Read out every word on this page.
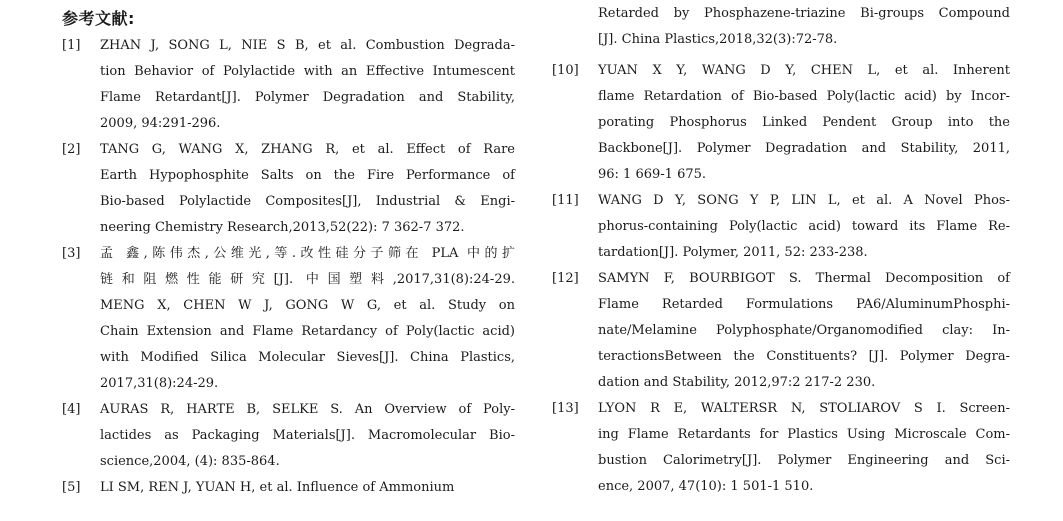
参考文献:
[1]	ZHAN J, SONG L, NIE S B, et al. Combustion Degrada-
tion Behavior of Polylactide with an Effective Intumescent
Flame Retardant[J]. Polymer Degradation and Stability,
2009, 94:291-296.
[2]	TANG G, WANG X, ZHANG R, et al. Effect of Rare
Earth Hypophosphite Salts on the Fire Performance of
Bio-based Polylactide Composites[J], Industrial & Engi-
neering Chemistry Research,2013,52(22): 7 362-7 372.
[3]	孟 鑫,陈伟杰,公维光,等.改性硅分子筛在 PLA 中的扩
链和阻燃性能研究[J]. 中国塑料,2017,31(8):24-29.
MENG X, CHEN W J, GONG W G, et al. Study on
Chain Extension and Flame Retardancy of Poly(lactic acid)
with Modified Silica Molecular Sieves[J]. China Plastics,
2017,31(8):24-29.
[4]	AURAS R, HARTE B, SELKE S. An Overview of Poly-
lactides as Packaging Materials[J]. Macromolecular Bio-
science,2004, (4): 835-864.
[5]	LI SM, REN J, YUAN H, et al. Influence of Ammonium
Retarded by Phosphazene-triazine Bi-groups Compound
[J]. China Plastics,2018,32(3):72-78.
[10]	YUAN X Y, WANG D Y, CHEN L, et al. Inherent
flame Retardation of Bio-based Poly(lactic acid) by Incor-
porating Phosphorus Linked Pendent Group into the
Backbone[J]. Polymer Degradation and Stability, 2011,
96: 1 669-1 675.
[11]	WANG D Y, SONG Y P, LIN L, et al. A Novel Phos-
phorus-containing Poly(lactic acid) toward its Flame Re-
tardation[J]. Polymer, 2011, 52: 233-238.
[12]	SAMYN F, BOURBIGOT S. Thermal Decomposition of
Flame Retarded Formulations PA6/AluminumPhosphi-
nate/Melamine Polyphosphate/Organomodified clay: In-
teractionsBetween the Constituents? [J]. Polymer Degra-
dation and Stability, 2012,97:2 217-2 230.
[13]	LYON R E, WALTERSR N, STOLIAROV S I. Screen-
ing Flame Retardants for Plastics Using Microscale Com-
bustion Calorimetry[J]. Polymer Engineering and Sci-
ence, 2007, 47(10): 1 501-1 510.
